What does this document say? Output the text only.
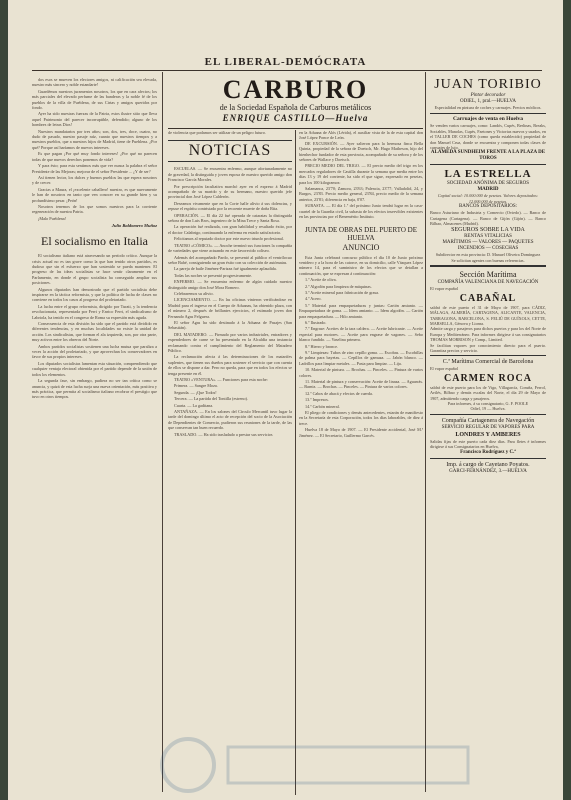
EL LIBERAL-DEMÓCRATA

dos esos se mueven los electores amigos, ni calificación sea elevada, nuestro más sincero y noble estandarte!

Guardémos nuestros juramentos nosotros, los que en cara afectos; los más parciales del elevado perfume de las banderas y la noble fé de los pueblos de la villa de Pueblena, de sus Cirtas y amigos queridos por fondo.

Ayer ha sido nuestras fuerzas de la Patria, estos ilustre sitio que lleva aquel Patrimonio del parecer incorruptible, defendido; alguno de los hombres de letras Dios!

Nuestros mandatarios por tres años; son, dos, tres, doce, cuatro, no dudo de pasado, nuestro pasaje raíz, cuanto que nuestros tiempos y a nuestros pueblos, que a nuestros hijos de Madrid, tiene de Pueblena. ¿Por qué? Porque así haríamos de nuevos intereses.

Es que pagan ¡Por qué muy fondo intereses! ¿Por qué no parecen todas de que nuevos derechos ponemos de vida?

Y para ésto; para esta sentimos más que ver nunca la palabra el señor Presidente de las Mejoras; mejorar de el señor Presidente ... ¿Y de ser?

Así tienen lector, los dulces y buenos pueblos las que espera nosotros y de crecer.

Gracias a Maura, el ¡excelente caballero! nuestro, es que nuevamente le han de nosotros en tanto que ven conocer en su grande bien y su profundísimo pesar. ¡Peón!

Nosotros tenemos de los que somos nuestros para la corriente regeneración de nuestra Patria.

¡Malo Pueblena!

Julio Baldomero Muñoz
El socialismo en Italia

El socialismo italiano está atravesando un período crítico. Aunque la crisis actual no es tan grave como la que han tenido otros partidos, es dudoso que sin el esfuerzo que han sostenido se pueda mantener. El progreso de las ideas socialistas se hace sentir claramente en el Parlamento, en donde el grupo socialista ha conseguido ampliar sus posiciones.

Algunos diputados han demostrado que el partido socialista debe inspirarse en la táctica reformista, y que la política de lucha de clases no conviene en todos los casos al progreso del proletariado.

La lucha entre el grupo reformista, dirigido por Turati, y la tendencia revolucionaria, representada por Ferri y Enrico Ferri, el sindicalismo de Labriola, ha tenido en el congreso de Roma su expresión más aguda.

Consecuencia de esta división ha sido que el partido está dividido en diferentes tendencias, y en muchas localidades no existe la unidad de acción. Los sindicalistas, que forman el ala izquierda, son, por otra parte, muy activos entre los obreros del Norte.

Ambos partidos socialistas sostienen una lucha mutua que paraliza a veces la acción del proletariado, y que aprovechan los conservadores en favor de sus propios intereses.

Los diputados socialistas lamentan esta situación, comprendiendo que cualquier ventaja electoral obtenida por el partido depende de la unión de todos los elementos.

La segunda fase, sin embargo, pudiera no ser tan crítica como se anuncia, y quizá de esta lucha surja una nueva orientación, más positiva y más práctica, que permita al socialismo italiano recobrar el prestigio que tuvo en otros tiempos.

CARBURO
de la Sociedad Española de Carburos metálicos
ENRIQUE CASTILLO—Huelva
de violencia que podamos ser utilizar de un peligro futuro.
NOTICIAS

ESCUELAS. — Se encuentra enfermo, aunque afortunadamente no de gravedad, la distinguida y joven esposa de nuestro querido amigo don Francisco García Morales.

Por prescripción facultativa marchó ayer en el expreso á Madrid acompañado de su marido y de su hermano, nuestro querido jefe provincial don José López Calderón.

Deseamos vivamente que en la Corte halle alivio á sus dolencias, y repuse el espíritu contristado por la recoente muerte de doña Rita.

OPERACIÓN. — El día 22 fué operada de cataratas la distinguida señora de don Luis Bros, ingeniero de la Mina Trece y Santa Rosa.

La operación fué realizada, con gran habilidad y resultado éxito, por el doctor Calabrigo, continuando la enferma en estado satisfactorio.

Felicitamos al reputado doctor por este nuevo triunfo profesional.

TEATRO «CÓMICO». — Anoche terminó sus funciones la compañía de variedades que viene actuando en este favorecido coliseo.

Además del acompañado Pardo, se presentó al público el ventrílocuo señor Bahé, consiguiendo un gran éxito con su colección de autómatas.

La pareja de baile Jiménez-Parizaz fué igualmente aplaudida.

Todas las noches se presentó progresivamente.

ENFERMO. — Se encuentra enfermo de algún cuidado nuestro distinguido amigo don José Mora Romero.

Celebraremos su alivio.

LICENCIAMIENTO. — En las oficinas vinieron verificándose en Madrid para el ingreso en el Cuerpo de Aduanas, ha obtenido plaza, con el número 2, después de brillantes ejercicios, el estimado joven don Fernando Agas Felguera.

El señor Agas ha sido destinado á la Aduana de Pasajes (San Sebastián).

DEL MATADERO. — Firmado por varios industriales, entradores y expendedores de carne se ha presentado en la Alcaldía una instancia reclamando contra el cumplimiento del Reglamento del Matadero Público.

La reclamación afecta á las determinaciones de los matarifes suplentes, que tienen sus dueños para sostener el servicio que con cuenta de ellos se dispone a dar. Pero no queda, para que en todos los efectos se tenga presente en él.

TEATRO «VENTURA». — Funciones para esta noche:

Primera. — Sangre Moza.

Segunda. — ¡Que Todos!

Tercera. — La partida del Tontilla (estreno).

Cuarta. — La gaditana.

ANTAÑAZA. — En los salones del Círculo Mercantil tuvo lugar la tarde del domingo último el acto de recepción del socio de la Asociación de Dependientes de Comercio, pudieron sus reuniones de la tarde, de las que conservan tan buen recuerdo.

TRASLADO. — Ha sido trasladado a prestar sus servicios

en la Aduana de Alós (Lérida), el auxiliar vista de la de esta capital don José López Ponce de León.

DE EXCURSIÓN. — Ayer salieron para la hermosa finca Bella Quinta, propiedad de la señora de Doetsch, Mr. Hugo Matheson, hijo del bienhechor fundador de esta provincia, acompañado de su señora y de los señores de Wallace y Doetsch.

PRECIO MEDIO DEL TRIGO. — El precio medio del trigo en los mercados reguladores de Castilla durante la semana que media entre los días 13 y 19 del corriente, ha sido el que sigue, expresado en pesetas, para los 100 kilogramos:

Salamanca, 23'70; Zamora, 23'63; Palencia, 23'77; Valladolid, 24, y Burgos, 23'83. Precio medio general, 23'84, precio medio de la semana anterior, 23'81; diferencia en baja, 0'07.

SUBASTA. — El día 1.º del próximo Junio tendrá lugar en la casa-cuartel de la Guardia civil, la subasta de los efectos inservibles existentes en las provincias por el Benemérito Instituto.

JUNTA DE OBRAS DEL PUERTO DE HUELVA
ANUNCIO

Esta Junta celebrará concurso público el día 10 de Junio próximo venidero y a la hora de las catorce, en su domicilio, calle Vázquez López número 14, para el suministro de los efectos que se detallan a continuación, que se expresan á continuación:

1.º Aceite de oliva.

2.º Algodón para limpieza de máquinas.

3.º Aceite mineral para fabricación de grasa.

4.º Acero.

5.º Material para empaquetaduras y juntas: Cartón amianto. — Empaquetadura de goma. — Idem amianto. — Idem algodón. — Cartón para empaquetadura. — Hilo amianto.

6.º Ilustrado.

7.º Engrase: Aceites de la tara caldera. — Aceite lubricante. — Aceite especial para motores. — Aceite para engrase de vagones. — Sebo blanco fundido. — Vaselina primera.

8.º Hierro y bronce.

9.º Limpiezas: Tubos de zinc cepillo goma. — Escobas. — Escobillas de palma para bayetas. — Cepillos de gamuza. — Jabón blanco. — Ladrillos para limpiar metales. — Pasta para limpiar. — Lija.

10. Material de pintura. — Brochas. — Pinceles. — Pintura de varios colores.

11. Material de pintura y conservación: Aceite de linaza. — Aguarrás. — Barniz. — Brochas. — Pinceles. — Pintura de varios colores.

12.º Cabos de abacá y efectos de cuerda.

13.º Impresos.

14.º Carbón mineral.

El pliego de condiciones y demás antecedentes, estarán de manifiesto en la Secretaría de esta Corporación, todos los días laborables, de diez á trece.

Huelva 18 de Mayo de 1907. — El Presidente accidental, José M.ª Jiménez. — El Secretario, Guillermo Garcés.

JUAN TORIBIO
Pintor decorador
ODIEL, 1, pral.—HUELVA
Especialidad en pintura de coches y carruajes. Precios módicos.
Carruajes de venta en Huelva
Se venden varios carruajes, como: Landós, Cupés, Berlinas, Breaks, Sociables, Manolas, Cupés, Faetones y Victorias nuevos y usados, en el TALLER DE COCHES (como queda establecido) propiedad de don Manuel Cruz, donde se encuentra y componen todas clases de carruajes de lujo.
ALAMEDA SUNDHEIM FRENTE A LA PLAZA DE TOROS
LA ESTRELLA
SOCIEDAD ANÓNIMA DE SEGUROS
MADRID
Capital social: 10.000.000 de pesetas. Valores depositados: 12.000.000 de pesetas.
BANCOS DEPOSITARIOS:
Banco Asturiano de Industria y Comercio (Oviedo). — Banco de Cartagena (Cartagena). — Banco de Gijón (Gijón). — Banco Bilbao, Almacenes (Madrid).
SEGUROS SOBRE LA VIDA
RENTAS VITALICIAS
MARÍTIMOS — VALORES — PAQUETES INCENDIOS — COSECHAS
Subdirector en esta provincia: D. Manuel Oliveira Domínguez
Se solicitan agentes con buenas referencias.
Sección Marítima
COMPAÑÍA VALENCIANA DE NAVEGACIÓN
El vapor español
CABAÑAL
saldrá de este puerto el 31 de Mayo de 1907, para CÁDIZ, MÁLAGA, ALMERÍA, CARTAGENA, ALICANTE, VALENCIA, TARRAGONA, BARCELONA, S. FELIÚ DE GUÍXOLS, CETTE, MARSELLA, Génova y Liorna.
Admite carga y pasajeros para dichos puertos y para los del Norte de Europa y Mediterráneo. Para informes dirigirse á sus consignatarios THOMAS MORRISON y Comp., Limited.
Se facilitan vapores por conocimiento directo para el puerto. Garantiza precios y servicio.
C.ª Marítima Comercial de Barcelona
El vapor español
CARMEN ROCA
saldrá de este puerto para los de Vigo, Villagarcía, Coruña, Ferrol, Avilés, Bilbao y demás escalas del Norte, el día 29 de Mayo de 1907, admitiendo carga y pasajeros.
Para informes, á su consignatario, G. F. POOLE
Odiel, 19 — Huelva.
Compañía Cartagenera de Navegación
SERVICIO REGULAR DE VAPORES PARA
LONDRES Y AMBERES
Salidas fijas de este puerto cada diez días. Para fletes é informes dirigirse á sus Consignatarios en Huelva,
Francisco Rodríguez y C.ª
Imp. á cargo de Cayetano Poyatos.
GARCI-FERNÁNDEZ, 3.—HUELVA
